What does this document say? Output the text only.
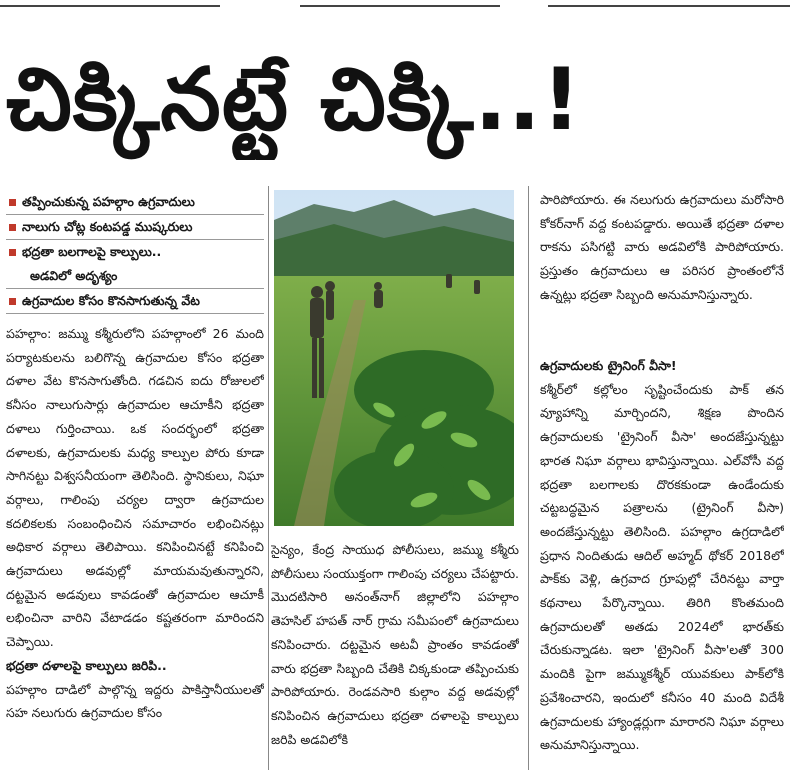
చిక్కినట్టే చిక్కి..!
తప్పించుకున్న పహల్గాం ఉగ్రవాదులు
నాలుగు చోట్ల కంటపడ్డ ముష్కరులు
భద్రతా బలగాలపై కాల్పులు..
అడవిలో అదృశ్యం
ఉగ్రవాదుల కోసం కొనసాగుతున్న వేట

పహల్గాం: జమ్ము కశ్మీరులోని పహల్గాంలో 26 మంది పర్యాటకులను బలిగొన్న ఉగ్రవాదుల కోసం భద్రతా దళాల వేట కొనసాగుతోంది. గడచిన ఐదు రోజులలో కనీసం నాలుగుసార్లు ఉగ్రవాదుల ఆచూకీని భద్రతా దళాలు గుర్తించాయి. ఒక సందర్భంలో భద్రతా దళాలకు, ఉగ్రవాదులకు మధ్య కాల్పుల పోరు కూడా సాగినట్టు విశ్వసనీయంగా తెలిసింది. స్థానికులు, నిఘా వర్గాలు, గాలింపు చర్యల ద్వారా ఉగ్రవాదుల కదలికలకు సంబంధించిన సమాచారం లభించినట్లు అధికార వర్గాలు తెలిపాయి. కనిపించినట్టే కనిపించి ఉగ్రవాదులు అడవుల్లో మాయమవుతున్నారని, దట్టమైన అడవులు కావడంతో ఉగ్రవాదుల ఆచూకీ లభించినా వారిని వేటాడడం కష్టతరంగా మారిందని చెప్పాయి.

భద్రతా దళాలపై కాల్పులు జరిపి..

పహల్గాం దాడిలో పాల్గొన్న ఇద్దరు పాకిస్తానీయులతో సహ నలుగురు ఉగ్రవాదుల కోసం

సైన్యం, కేంద్ర సాయుధ పోలీసులు, జమ్ము కశ్మీరు పోలీసులు సంయుక్తంగా గాలింపు చర్యలు చేపట్టారు. మొదటిసారి అనంత్‌నాగ్ జిల్లాలోని పహల్గాం తెహసిల్ హపత్ నార్ గ్రామ సమీపంలో ఉగ్రవాదులు కనిపించారు. దట్టమైన అటవీ ప్రాంతం కావడంతో వారు భద్రతా సిబ్బంది చేతికి చిక్కకుండా తప్పించుకు పారిపోయారు. రెండవసారి కుల్గాం వద్ద అడవుల్లో కనిపించిన ఉగ్రవాదులు భద్రతా దళాలపై కాల్పులు జరిపి అడవిలోకి

పారిపోయారు. ఈ నలుగురు ఉగ్రవాదులు మరోసారి కోకర్‌నాగ్ వద్ద కంటపడ్డారు. అయితే భద్రతా దళాల రాకను పసిగట్టి వారు అడవిలోకి పారిపోయారు. ప్రస్తుతం ఉగ్రవాదులు ఆ పరిసర ప్రాంతంలోనే ఉన్నట్లు భద్రతా సిబ్బంది అనుమానిస్తున్నారు.

ఉగ్రవాదులకు ట్రైనింగ్ వీసా!

కశ్మీర్‌లో కల్లోలం సృష్టించేందుకు పాక్ తన వ్యూహాన్ని మార్చిందని, శిక్షణ పొందిన ఉగ్రవాదులకు 'ట్రైనింగ్ వీసా' అందజేస్తున్నట్టు భారత నిఘా వర్గాలు భావిస్తున్నాయి. ఎల్‌వోసీ వద్ద భద్రతా బలగాలకు దొరకకుండా ఉండేందుకు చట్టబద్ధమైన పత్రాలను (ట్రైనింగ్ వీసా) అందజేస్తున్నట్టు తెలిసింది. పహల్గాం ఉగ్రదాడిలో ప్రధాన నిందితుడు ఆదిల్ అహ్మద్ థోకర్ 2018లో పాక్‌కు వెళ్లి, ఉగ్రవాద గ్రూపుల్లో చేరినట్టు వార్తా కథనాలు పేర్కొన్నాయి. తిరిగి కొంతమంది ఉగ్రవాదులతో అతడు 2024లో భారత్‌కు చేరుకున్నాడట. ఇలా 'ట్రైనింగ్ వీసా'లతో 300 మందికి పైగా జమ్ముకశ్మీర్ యువకులు పాక్‌లోకి ప్రవేశించారని, ఇందులో కనీసం 40 మంది విదేశీ ఉగ్రవాదులకు హ్యాండ్లర్లుగా మారారని నిఘా వర్గాలు అనుమానిస్తున్నాయి.
